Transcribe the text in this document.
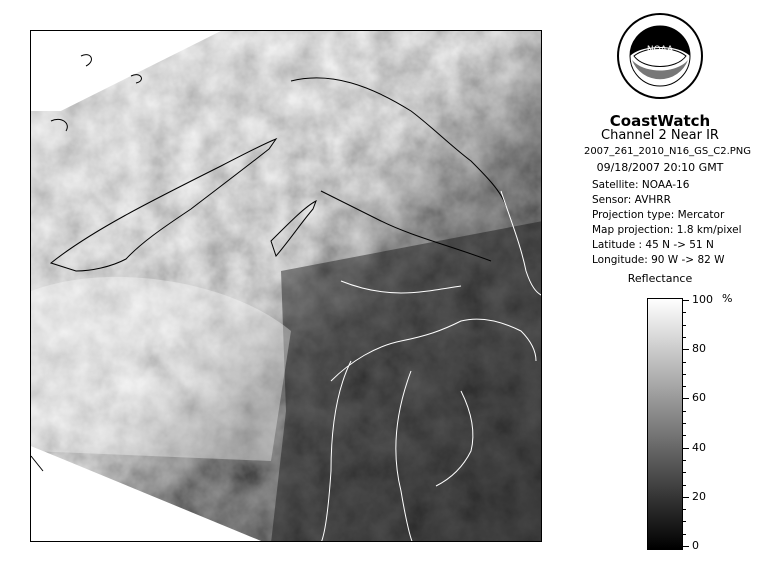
NOAA
CoastWatch
Channel 2 Near IR
2007_261_2010_N16_GS_C2.PNG
09/18/2007 20:10 GMT
Satellite: NOAA-16
Sensor: AVHRR
Projection type: Mercator
Map projection: 1.8 km/pixel
Latitude : 45 N -> 51 N
Longitude: 90 W -> 82 W
Reflectance
%
100
80
60
40
20
0
